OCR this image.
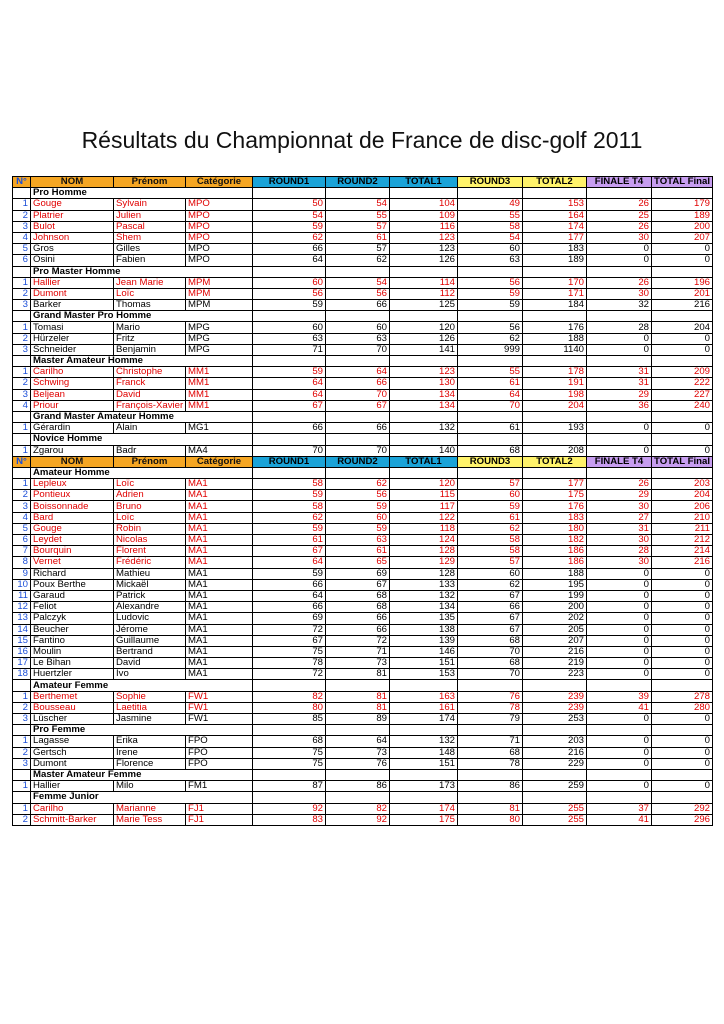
Résultats du Championnat de France de disc-golf 2011
N°	NOM	Prénom	Catégorie	ROUND1	ROUND2	TOTAL1	ROUND3	TOTAL2	FINALE T4	TOTAL Final
	Pro Homme									
1	Gouge	Sylvain	MPO	50	54	104	49	153	26	179
2	Platrier	Julien	MPO	54	55	109	55	164	25	189
3	Bulot	Pascal	MPO	59	57	116	58	174	26	200
4	Johnson	Shem	MPO	62	61	123	54	177	30	207
5	Gros	Gilles	MPO	66	57	123	60	183	0	0
6	Osini	Fabien	MPO	64	62	126	63	189	0	0
	Pro Master Homme									
1	Hallier	Jean Marie	MPM	60	54	114	56	170	26	196
2	Dumont	Loïc	MPM	56	56	112	59	171	30	201
3	Barker	Thomas	MPM	59	66	125	59	184	32	216
	Grand Master Pro Homme									
1	Tomasi	Mario	MPG	60	60	120	56	176	28	204
2	Hürzeler	Fritz	MPG	63	63	126	62	188	0	0
3	Schneider	Benjamin	MPG	71	70	141	999	1140	0	0
	Master Amateur Homme									
1	Carilho	Christophe	MM1	59	64	123	55	178	31	209
2	Schwing	Franck	MM1	64	66	130	61	191	31	222
3	Beljean	David	MM1	64	70	134	64	198	29	227
4	Priour	François-Xavier	MM1	67	67	134	70	204	36	240
	Grand Master Amateur Homme									
1	Gérardin	Alain	MG1	66	66	132	61	193	0	0
	Novice Homme									
1	Zgarou	Badr	MA4	70	70	140	68	208	0	0
N°	NOM	Prénom	Catégorie	ROUND1	ROUND2	TOTAL1	ROUND3	TOTAL2	FINALE T4	TOTAL Final
	Amateur Homme									
1	Lepleux	Loïc	MA1	58	62	120	57	177	26	203
2	Pontieux	Adrien	MA1	59	56	115	60	175	29	204
3	Boissonnade	Bruno	MA1	58	59	117	59	176	30	206
4	Bard	Loïc	MA1	62	60	122	61	183	27	210
5	Gouge	Robin	MA1	59	59	118	62	180	31	211
6	Leydet	Nicolas	MA1	61	63	124	58	182	30	212
7	Bourquin	Florent	MA1	67	61	128	58	186	28	214
8	Vernet	Frédéric	MA1	64	65	129	57	186	30	216
9	Richard	Mathieu	MA1	59	69	128	60	188	0	0
10	Poux Berthe	Mickaël	MA1	66	67	133	62	195	0	0
11	Garaud	Patrick	MA1	64	68	132	67	199	0	0
12	Feliot	Alexandre	MA1	66	68	134	66	200	0	0
13	Palczyk	Ludovic	MA1	69	66	135	67	202	0	0
14	Beucher	Jérome	MA1	72	66	138	67	205	0	0
15	Fantino	Guillaume	MA1	67	72	139	68	207	0	0
16	Moulin	Bertrand	MA1	75	71	146	70	216	0	0
17	Le Bihan	David	MA1	78	73	151	68	219	0	0
18	Huertzler	Ivo	MA1	72	81	153	70	223	0	0
	Amateur Femme									
1	Berthemet	Sophie	FW1	82	81	163	76	239	39	278
2	Bousseau	Laetitia	FW1	80	81	161	78	239	41	280
3	Lüscher	Jasmine	FW1	85	89	174	79	253	0	0
	Pro Femme									
1	Lagasse	Erika	FPO	68	64	132	71	203	0	0
2	Gertsch	Irene	FPO	75	73	148	68	216	0	0
3	Dumont	Florence	FPO	75	76	151	78	229	0	0
	Master Amateur Femme									
1	Hallier	Milo	FM1	87	86	173	86	259	0	0
	Femme Junior									
1	Carilho	Marianne	FJ1	92	82	174	81	255	37	292
2	Schmitt-Barker	Marie Tess	FJ1	83	92	175	80	255	41	296
